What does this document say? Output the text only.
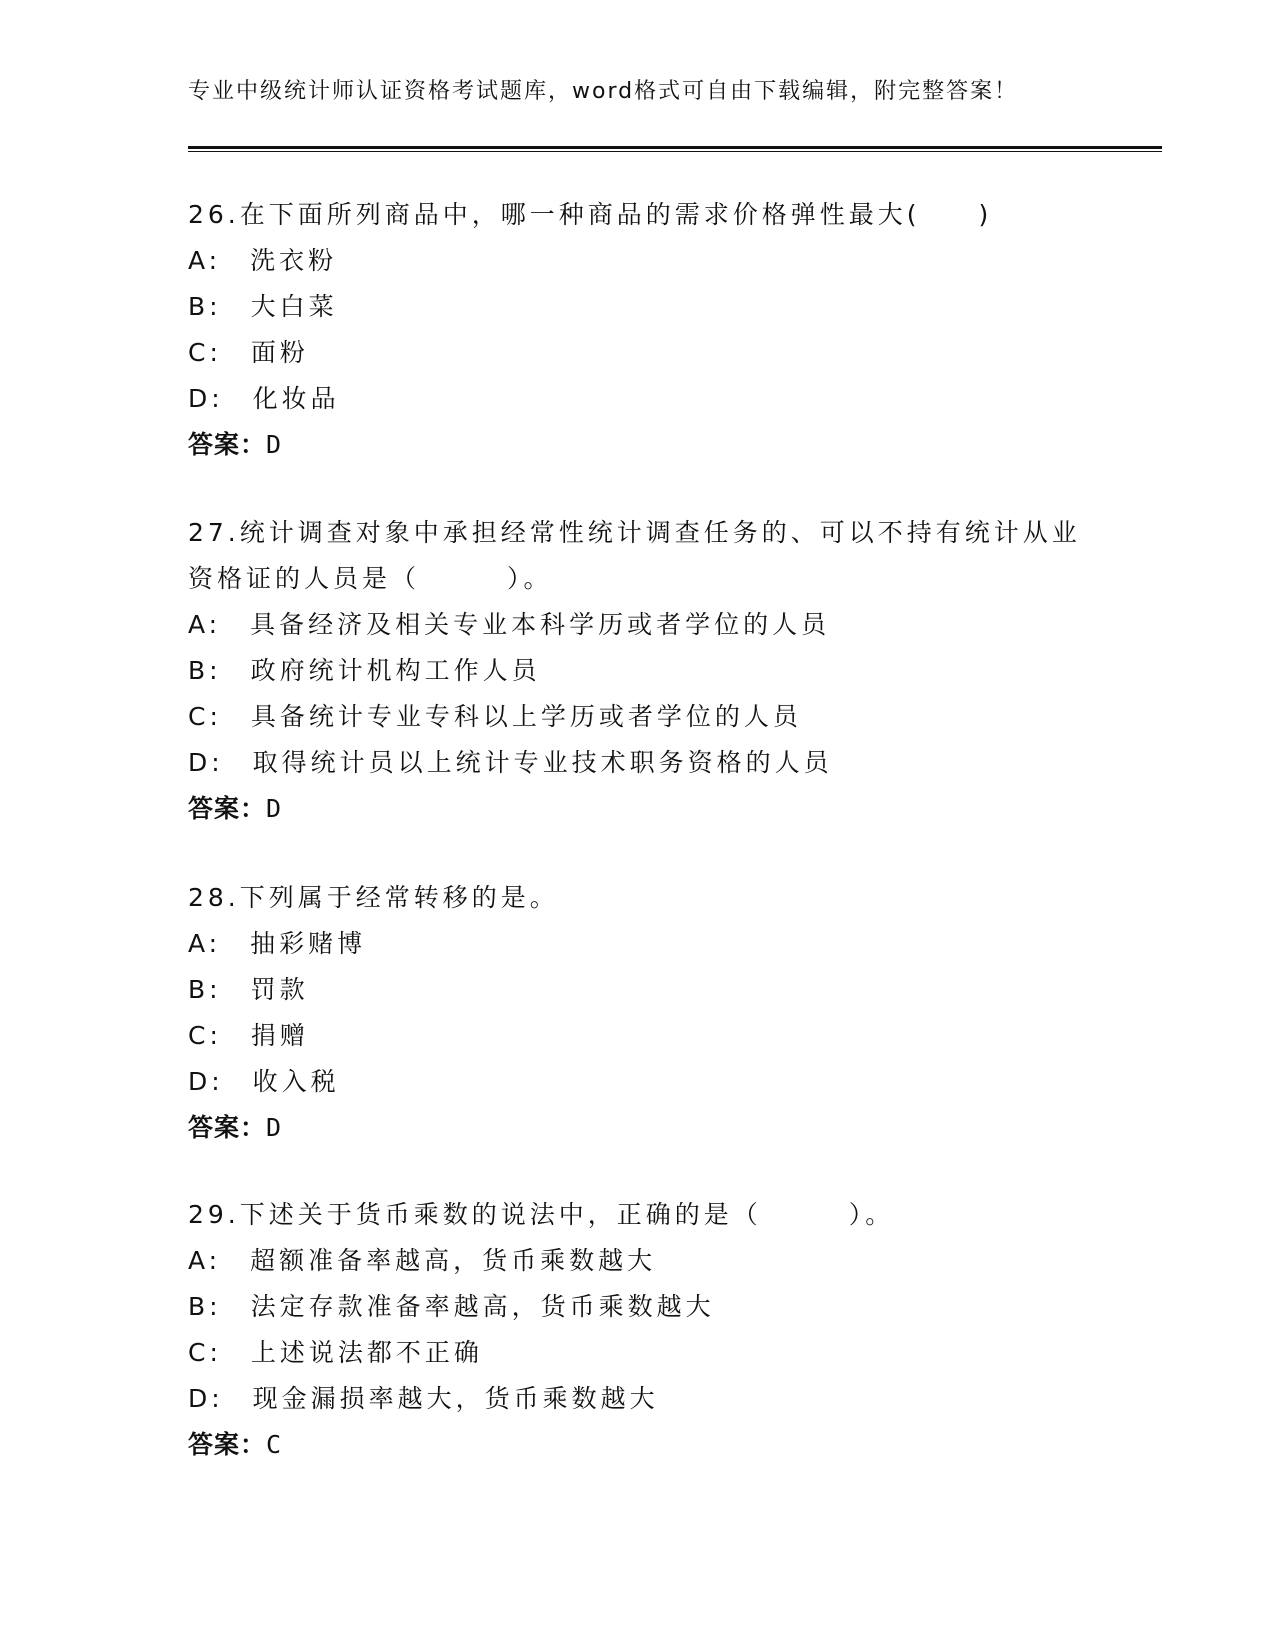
专业中级统计师认证资格考试题库，word格式可自由下载编辑，附完整答案！
26.在下面所列商品中，哪一种商品的需求价格弹性最大(　　)
A:　洗衣粉
B:　大白菜
C:　面粉
D:　化妆品
答案：D
27.统计调查对象中承担经常性统计调查任务的、可以不持有统计从业
资格证的人员是（　　　）。
A:　具备经济及相关专业本科学历或者学位的人员
B:　政府统计机构工作人员
C:　具备统计专业专科以上学历或者学位的人员
D:　取得统计员以上统计专业技术职务资格的人员
答案：D
28.下列属于经常转移的是。
A:　抽彩赌博
B:　罚款
C:　捐赠
D:　收入税
答案：D
29.下述关于货币乘数的说法中，正确的是（　　　）。
A:　超额准备率越高，货币乘数越大
B:　法定存款准备率越高，货币乘数越大
C:　上述说法都不正确
D:　现金漏损率越大，货币乘数越大
答案：C
